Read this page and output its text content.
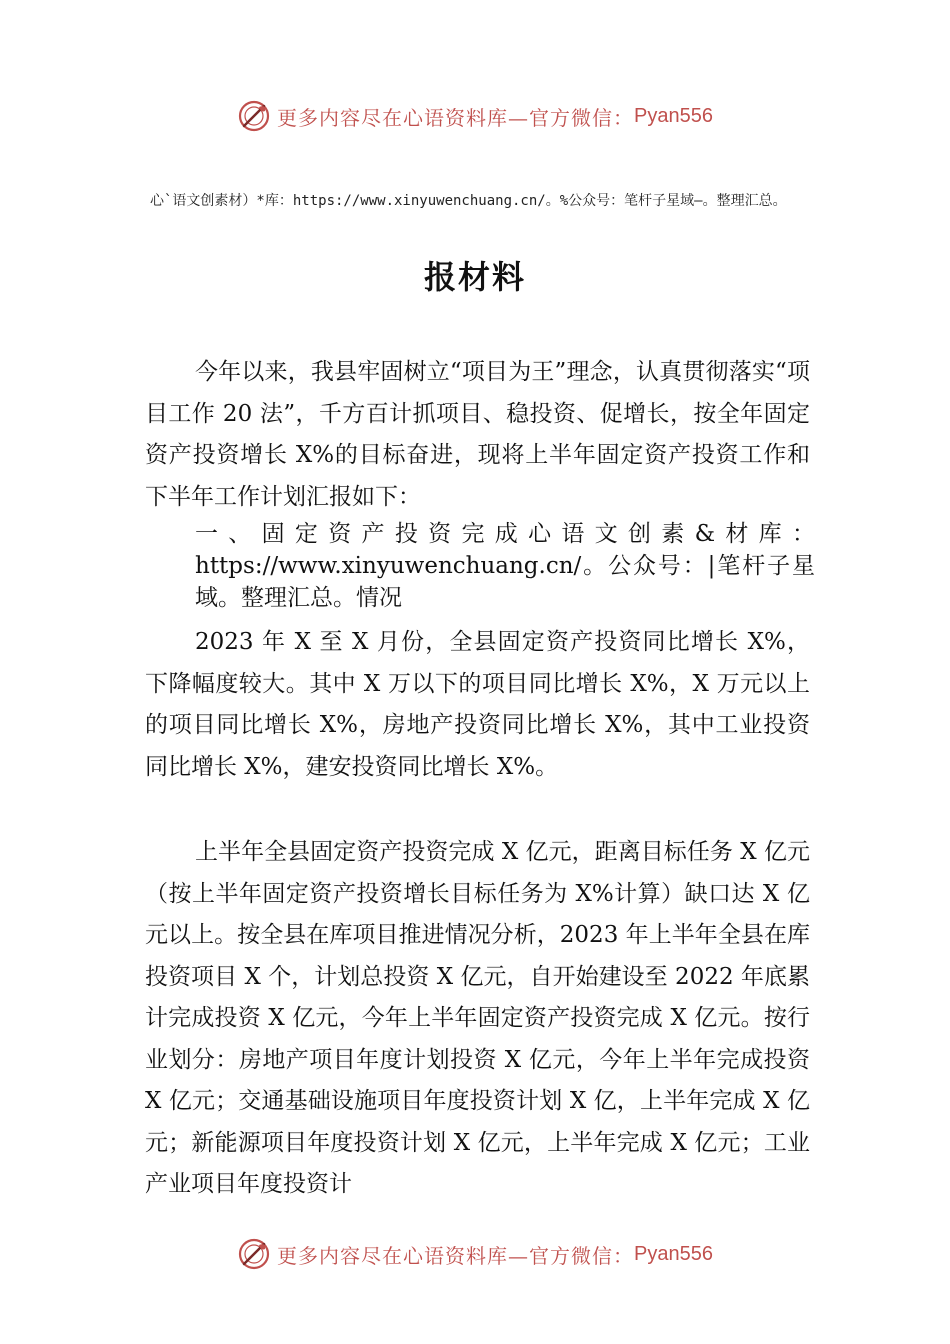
更多内容尽在心语资料库—官方微信： Pyan556
心`语文创素材）*库：https://www.xinyuwenchuang.cn/。%公众号：笔杆子星域—。整理汇总。
报材料

今年以来，我县牢固树立“项目为王”理念，认真贯彻落实“项目工作 20 法”，千方百计抓项目、稳投资、促增长，按全年固定资产投资增长 X%的目标奋进，现将上半年固定资产投资工作和下半年工作计划汇报如下：

一、固定资产投资完成心语文创素&材库：https://www.xinyuwenchuang.cn/。公众号：|笔杆子星域。整理汇总。情况

2023 年 X 至 X 月份，全县固定资产投资同比增长 X%， 下降幅度较大。其中 X 万以下的项目同比增长 X%，X 万元以上的项目同比增长 X%，房地产投资同比增长 X%，其中工业投资同比增长 X%，建安投资同比增长 X%。

上半年全县固定资产投资完成 X 亿元，距离目标任务 X 亿元（按上半年固定资产投资增长目标任务为 X%计算）缺口达 X 亿元以上。按全县在库项目推进情况分析，2023 年上半年全县在库投资项目 X 个，计划总投资 X 亿元，自开始建设至 2022 年底累计完成投资 X 亿元，今年上半年固定资产投资完成 X 亿元。按行业划分：房地产项目年度计划投资 X 亿元，今年上半年完成投资 X 亿元；交通基础设施项目年度投资计划 X 亿，上半年完成 X 亿元；新能源项目年度投资计划 X 亿元，上半年完成 X 亿元；工业产业项目年度投资计

更多内容尽在心语资料库—官方微信： Pyan556
